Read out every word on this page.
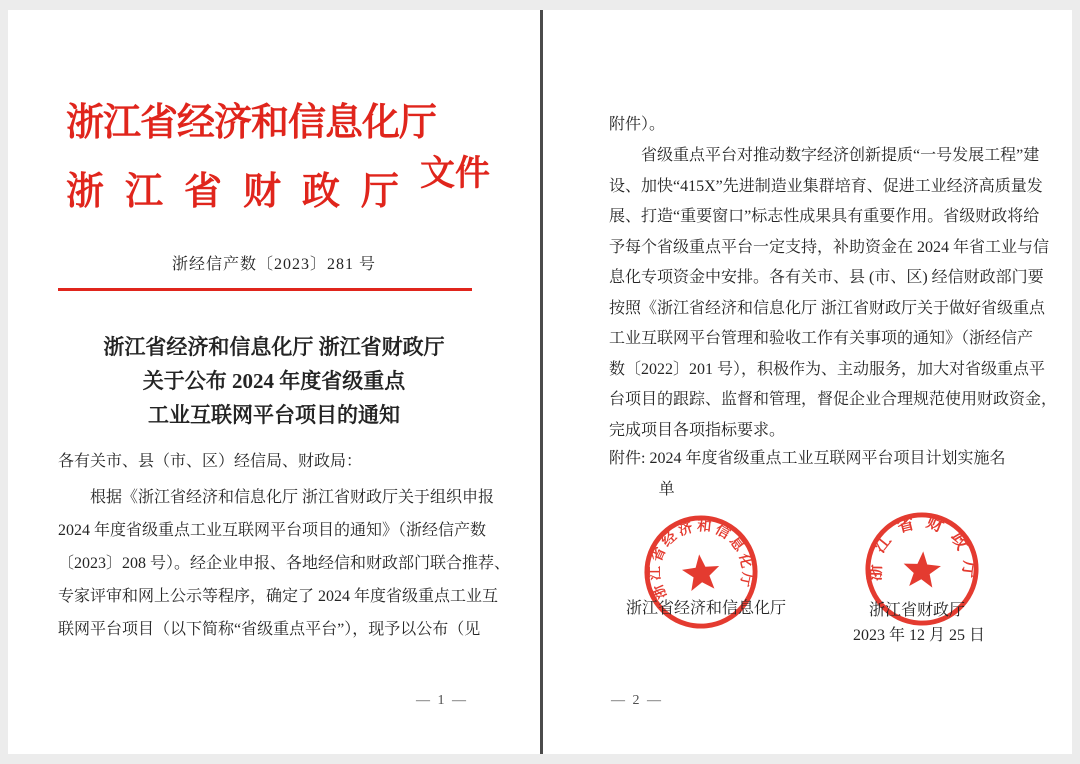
浙江省经济和信息化厅
浙江省财政厅 文件
浙经信产数〔2023〕281 号
浙江省经济和信息化厅 浙江省财政厅
关于公布 2024 年度省级重点
工业互联网平台项目的通知
各有关市、县（市、区）经信局、财政局：
根据《浙江省经济和信息化厅 浙江省财政厅关于组织申报
2024 年度省级重点工业互联网平台项目的通知》（浙经信产数
〔2023〕208 号）。经企业申报、各地经信和财政部门联合推荐、
专家评审和网上公示等程序，确定了 2024 年度省级重点工业互
联网平台项目（以下简称“省级重点平台”），现予以公布（见
— 1 —
附件）。
省级重点平台对推动数字经济创新提质“一号发展工程”建
设、加快“415X”先进制造业集群培育、促进工业经济高质量发
展、打造“重要窗口”标志性成果具有重要作用。省级财政将给
予每个省级重点平台一定支持，补助资金在 2024 年省工业与信
息化专项资金中安排。各有关市、县 (市、区) 经信财政部门要
按照《浙江省经济和信息化厅 浙江省财政厅关于做好省级重点
工业互联网平台管理和验收工作有关事项的通知》（浙经信产
数〔2022〕201 号），积极作为、主动服务，加大对省级重点平
台项目的跟踪、监督和管理，督促企业合理规范使用财政资金，
完成项目各项指标要求。
附件: 2024 年度省级重点工业互联网平台项目计划实施名
单
浙江省经济和信息化厅	浙江省财政厅
浙江省经济和信息化厅	浙江省财政厅
2023 年 12 月 25 日
— 2 —
